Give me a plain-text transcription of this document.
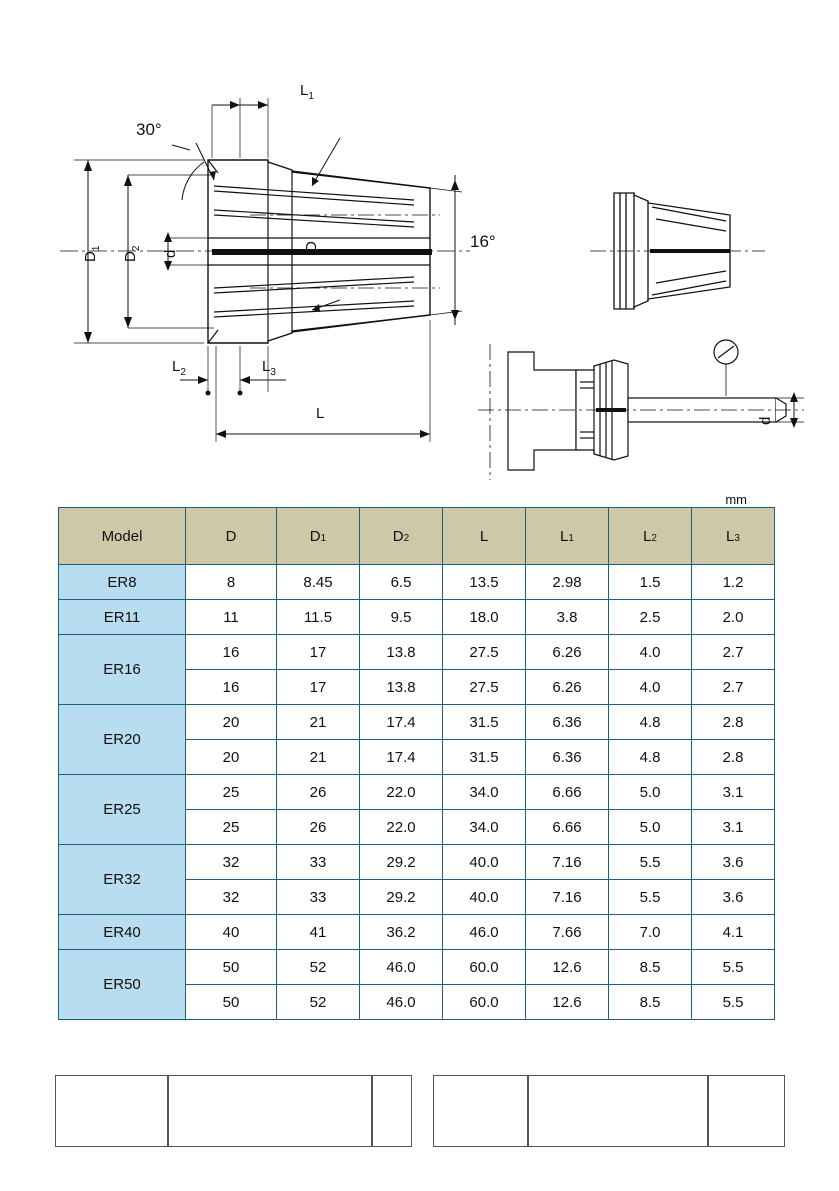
30°
16°
$D_1$
$D_2$
d
D
$L_1$
$L_2$	$L_3$
L	d
mm
Model	D	D1	D2	L	L1	L2	L3
ER8	8	8.45	6.5	13.5	2.98	1.5	1.2
ER11	11	11.5	9.5	18.0	3.8	2.5	2.0
ER16	16	17	13.8	27.5	6.26	4.0	2.7
	16	17	13.8	27.5	6.26	4.0	2.7
ER20	20	21	17.4	31.5	6.36	4.8	2.8
	20	21	17.4	31.5	6.36	4.8	2.8
ER25	25	26	22.0	34.0	6.66	5.0	3.1
	25	26	22.0	34.0	6.66	5.0	3.1
ER32	32	33	29.2	40.0	7.16	5.5	3.6
	32	33	29.2	40.0	7.16	5.5	3.6
ER40	40	41	36.2	46.0	7.66	7.0	4.1
ER50	50	52	46.0	60.0	12.6	8.5	5.5
	50	52	46.0	60.0	12.6	8.5	5.5
